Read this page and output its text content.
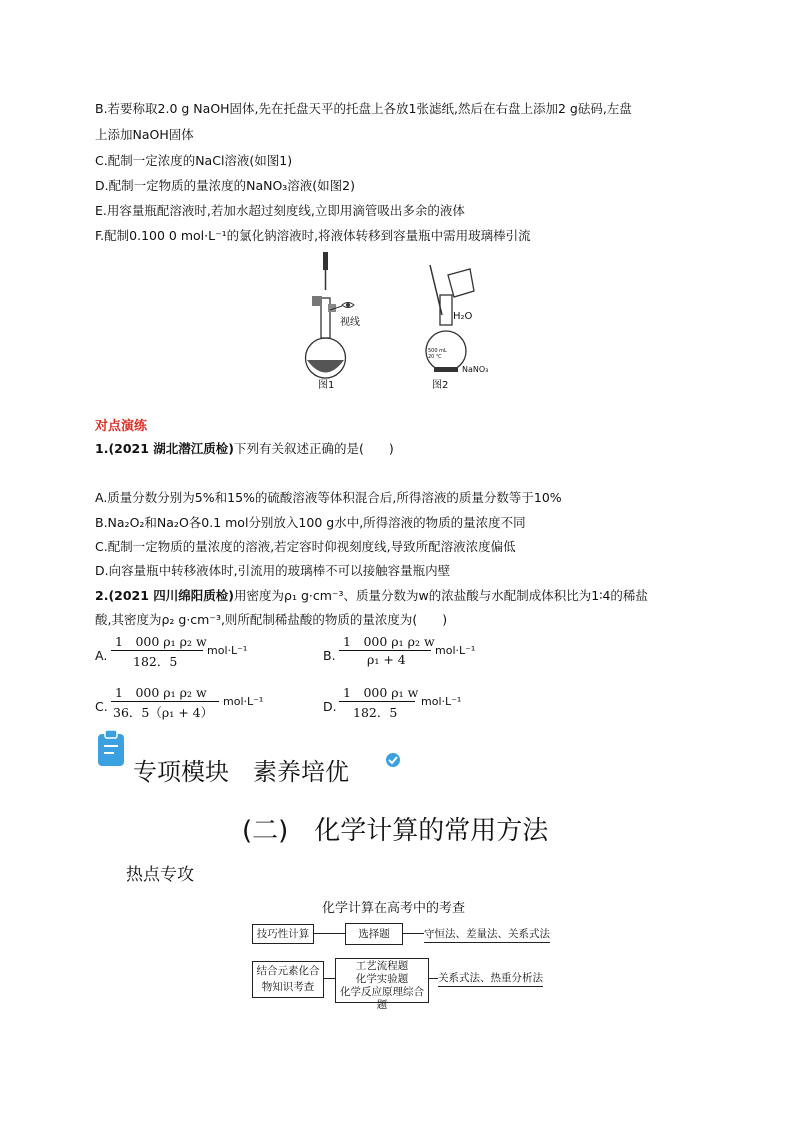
B.若要称取2.0 g NaOH固体,先在托盘天平的托盘上各放1张滤纸,然后在右盘上添加2 g砝码,左盘
上添加NaOH固体
C.配制一定浓度的NaCl溶液(如图1)
D.配制一定物质的量浓度的NaNO₃溶液(如图2)
E.用容量瓶配溶液时,若加水超过刻度线,立即用滴管吸出多余的液体
F.配制0.100 0 mol·L⁻¹的氯化钠溶液时,将液体转移到容量瓶中需用玻璃棒引流
视线
图1
H₂O
500 mL
20 ℃
NaNO₃
图2
对点演练
1.(2021 湖北潜江质检)下列有关叙述正确的是(　　)
A.质量分数分别为5%和15%的硫酸溶液等体积混合后,所得溶液的质量分数等于10%
B.Na₂O₂和Na₂O各0.1 mol分别放入100 g水中,所得溶液的物质的量浓度不同
C.配制一定物质的量浓度的溶液,若定容时仰视刻度线,导致所配溶液浓度偏低
D.向容量瓶中转移液体时,引流用的玻璃棒不可以接触容量瓶内壁
2.(2021 四川绵阳质检)用密度为ρ₁ g·cm⁻³、质量分数为w的浓盐酸与水配制成体积比为1∶4的稀盐
酸,其密度为ρ₂ g·cm⁻³,则所配制稀盐酸的物质的量浓度为(　　)
A.
1　000 ρ₁ ρ₂ w
182．5
mol·L⁻¹	B.
1　000 ρ₁ ρ₂ w
ρ₁ + 4
mol·L⁻¹
C.
1　000 ρ₁ ρ₂ w
36．5（ρ₁ + 4）
mol·L⁻¹	D.
1　000 ρ₁ w
182．5
mol·L⁻¹
专项模块　素养培优
(二)　化学计算的常用方法
热点专攻
化学计算在高考中的考查
技巧性计算	选择题	守恒法、差量法、关系式法
结合元素化合
物知识考查
工艺流程题
化学实验题
化学反应原理综合题
关系式法、热重分析法
